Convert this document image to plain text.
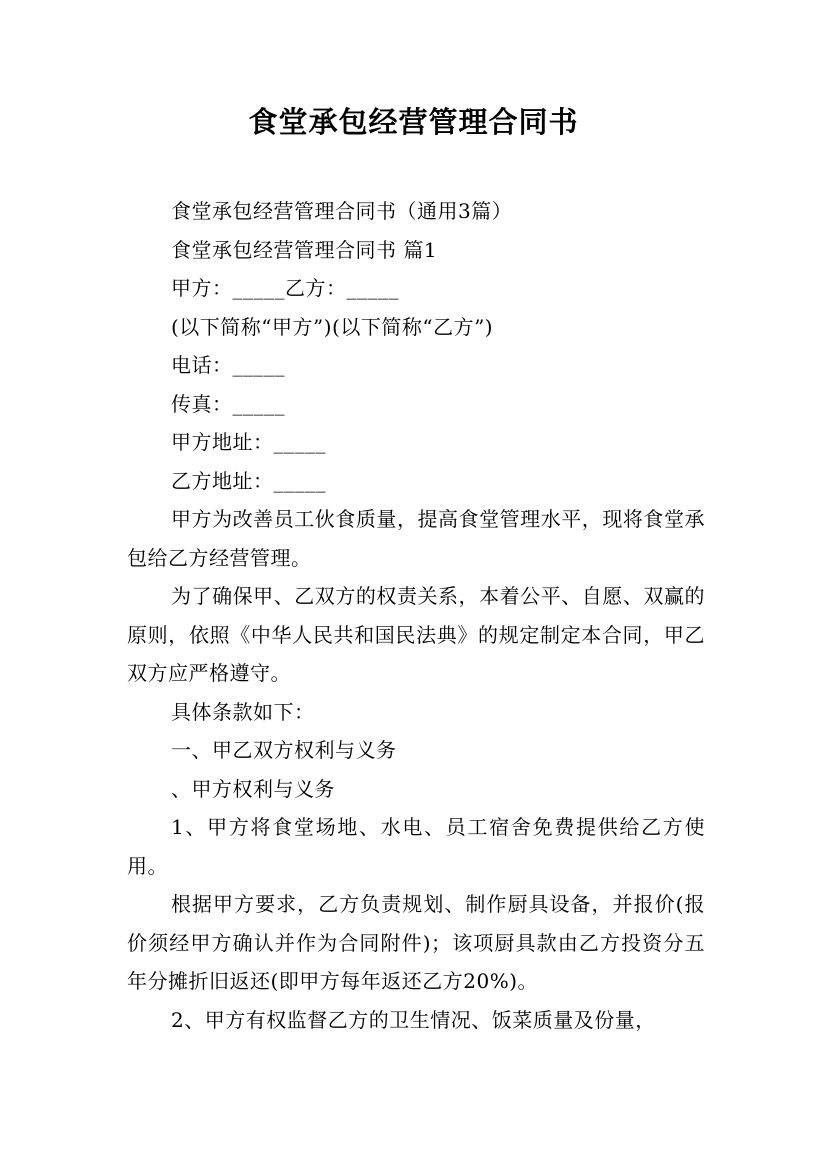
食堂承包经营管理合同书

食堂承包经营管理合同书（通用3篇）

食堂承包经营管理合同书 篇1

甲方：_____乙方：_____

(以下简称“甲方”)(以下简称“乙方”)

电话：_____

传真：_____

甲方地址：_____

乙方地址：_____

甲方为改善员工伙食质量，提高食堂管理水平，现将食堂承包给乙方经营管理。

为了确保甲、乙双方的权责关系，本着公平、自愿、双赢的原则，依照《中华人民共和国民法典》的规定制定本合同，甲乙双方应严格遵守。

具体条款如下：

一、甲乙双方权利与义务

、甲方权利与义务

1、甲方将食堂场地、水电、员工宿舍免费提供给乙方使用。

根据甲方要求，乙方负责规划、制作厨具设备，并报价(报价须经甲方确认并作为合同附件)；该项厨具款由乙方投资分五年分摊折旧返还(即甲方每年返还乙方20%)。

2、甲方有权监督乙方的卫生情况、饭菜质量及份量，
